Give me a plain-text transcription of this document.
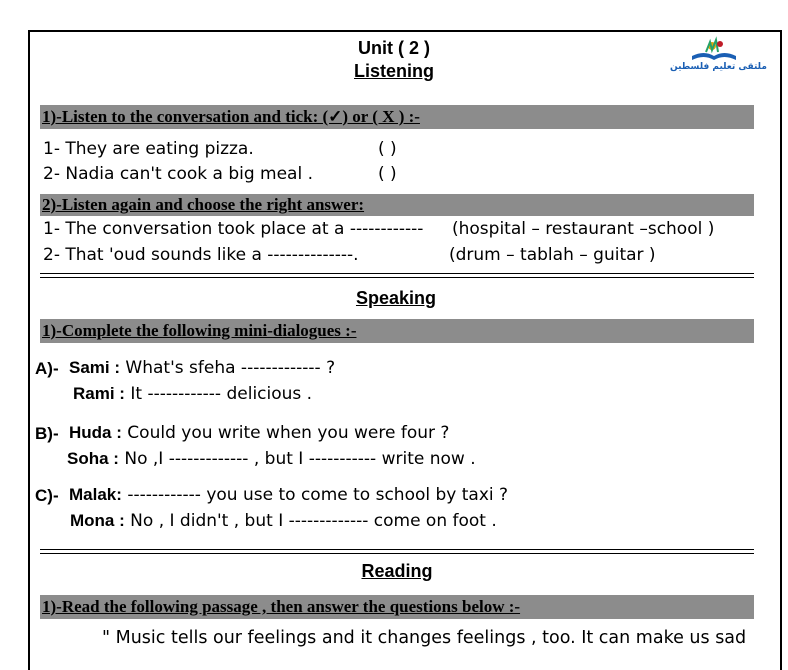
Unit ( 2 )
Listening	ملتقى تعليم فلسطين
1)-Listen to the conversation and tick: (✓) or ( X ) :-
1- They are eating pizza.	( )
2- Nadia can't cook a big meal .	( )
2)-Listen again and choose the right answer:
1- The conversation took place at a ------------ (hospital – restaurant –school )
2- That 'oud sounds like a --------------.	(drum – tablah – guitar )
Speaking
1)-Complete the following mini-dialogues :-
A)- Sami : What's sfeha ------------- ?
Rami : It ------------ delicious .
B)- Huda : Could you write when you were four ?
Soha : No ,I ------------- , but I ----------- write now .
C)- Malak: ------------ you use to come to school by taxi ?
Mona : No , I didn't , but I ------------- come on foot .
Reading
1)-Read the following passage , then answer the questions below :-
" Music tells our feelings and it changes feelings , too. It can make us sad
